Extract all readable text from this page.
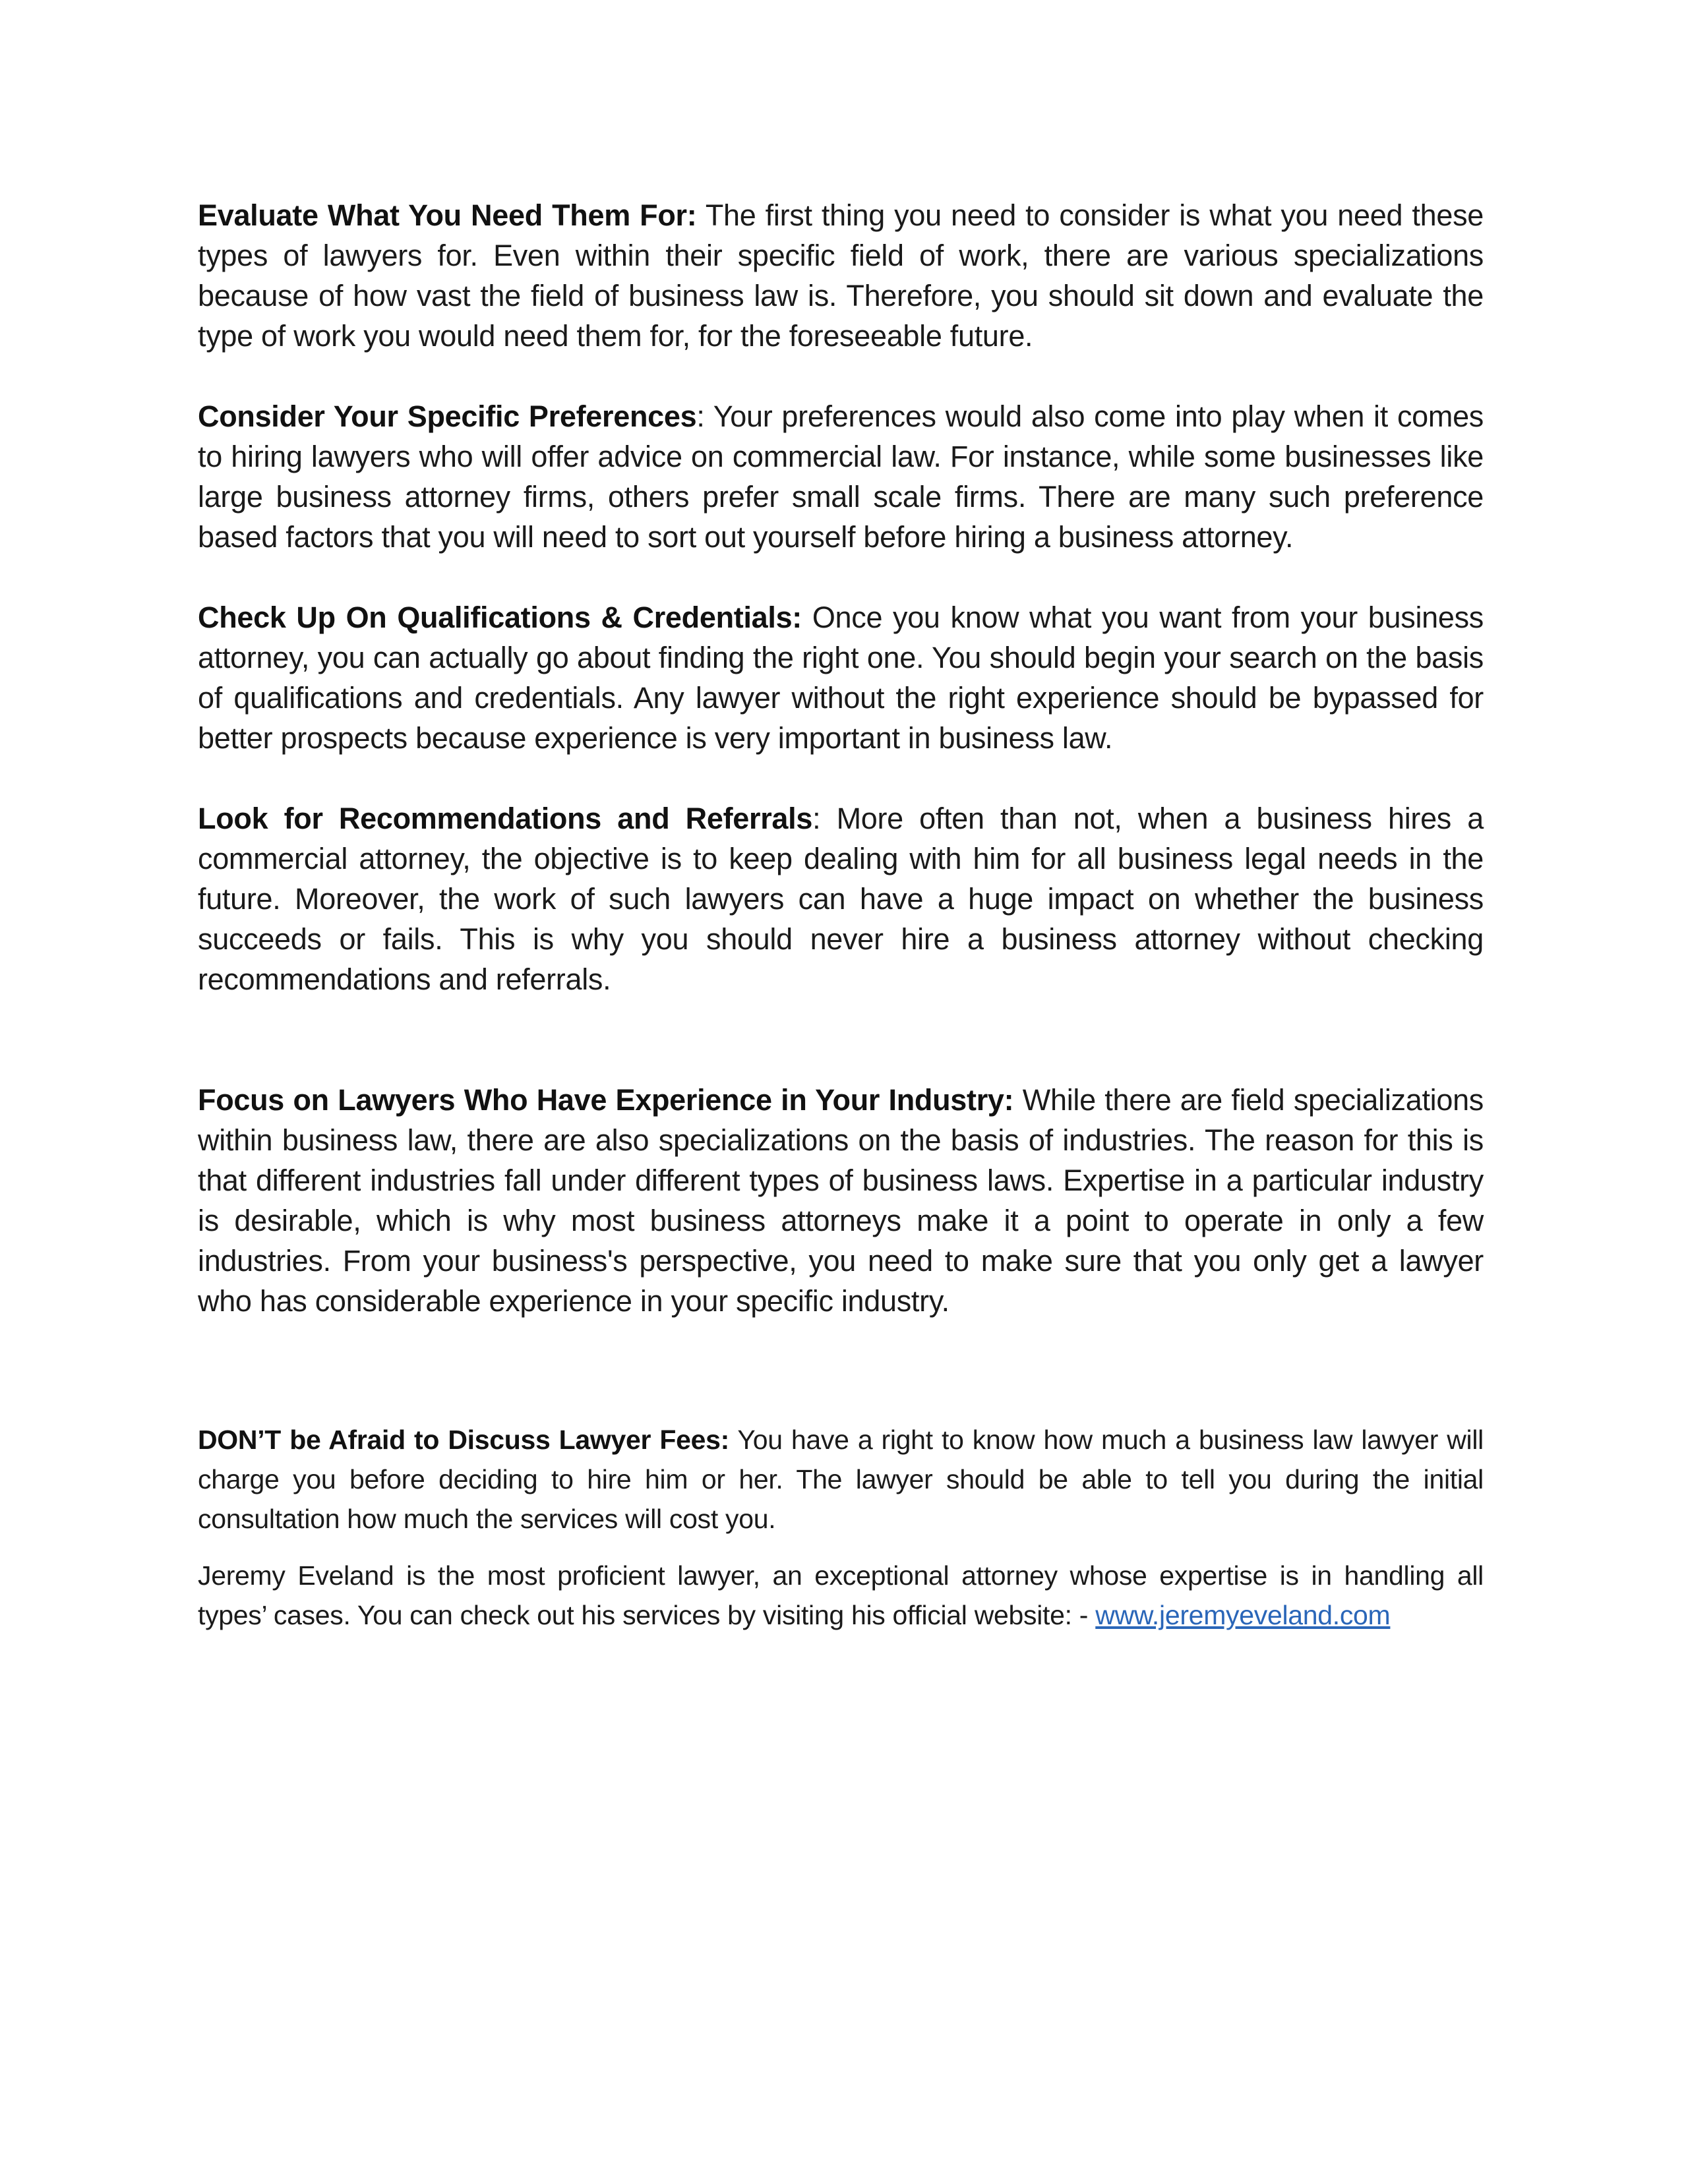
Evaluate What You Need Them For: The first thing you need to consider is what you need these types of lawyers for. Even within their specific field of work, there are various specializations because of how vast the field of business law is. Therefore, you should sit down and evaluate the type of work you would need them for, for the foreseeable future.

Consider Your Specific Preferences: Your preferences would also come into play when it comes to hiring lawyers who will offer advice on commercial law. For instance, while some businesses like large business attorney firms, others prefer small scale firms. There are many such preference based factors that you will need to sort out yourself before hiring a business attorney.

Check Up On Qualifications & Credentials: Once you know what you want from your business attorney, you can actually go about finding the right one. You should begin your search on the basis of qualifications and credentials. Any lawyer without the right experience should be bypassed for better prospects because experience is very important in business law.

Look for Recommendations and Referrals: More often than not, when a business hires a commercial attorney, the objective is to keep dealing with him for all business legal needs in the future. Moreover, the work of such lawyers can have a huge impact on whether the business succeeds or fails. This is why you should never hire a business attorney without checking recommendations and referrals.

Focus on Lawyers Who Have Experience in Your Industry: While there are field specializations within business law, there are also specializations on the basis of industries. The reason for this is that different industries fall under different types of business laws. Expertise in a particular industry is desirable, which is why most business attorneys make it a point to operate in only a few industries. From your business's perspective, you need to make sure that you only get a lawyer who has considerable experience in your specific industry.

DON’T be Afraid to Discuss Lawyer Fees: You have a right to know how much a business law lawyer will charge you before deciding to hire him or her. The lawyer should be able to tell you during the initial consultation how much the services will cost you.

Jeremy Eveland is the most proficient lawyer, an exceptional attorney whose expertise is in handling all types’ cases. You can check out his services by visiting his official website: - www.jeremyeveland.com
